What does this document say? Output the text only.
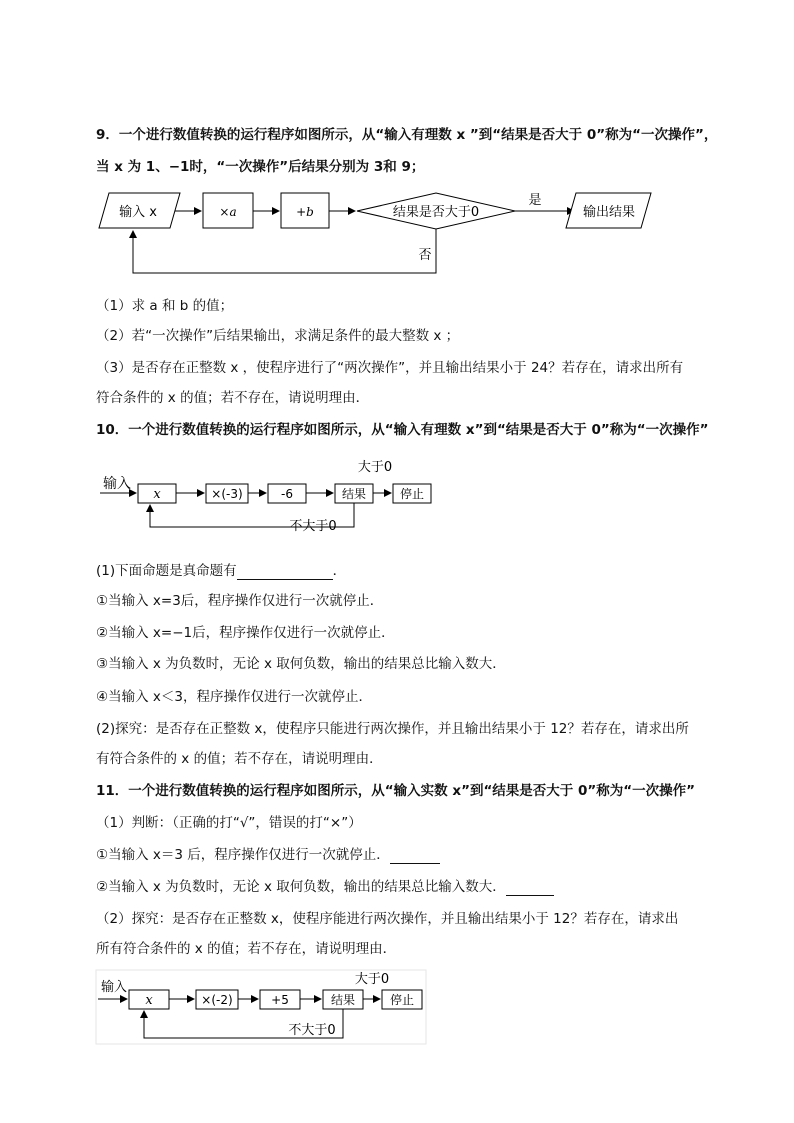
9．一个进行数值转换的运行程序如图所示，从“输入有理数 x ”到“结果是否大于 0”称为“一次操作”，
当 x 为 1、−1时，“一次操作”后结果分别为 3和 9；
输入 x	×a	+b	结果是否大于0
是
输出结果
否
（1）求 a 和 b 的值；
（2）若“一次操作”后结果输出，求满足条件的最大整数 x ；
（3）是否存在正整数 x ，使程序进行了“两次操作”，并且输出结果小于 24？若存在，请求出所有
符合条件的 x 的值；若不存在，请说明理由．
10．一个进行数值转换的运行程序如图所示，从“输入有理数 x”到“结果是否大于 0”称为“一次操作”
输入
x	×(-3)	-6	结果	停止
大于0
不大于0
(1)下面命题是真命题有	．
①当输入 x=3后，程序操作仅进行一次就停止．
②当输入 x=−1后，程序操作仅进行一次就停止．
③当输入 x 为负数时，无论 x 取何负数，输出的结果总比输入数大．
④当输入 x＜3，程序操作仅进行一次就停止．
(2)探究：是否存在正整数 x，使程序只能进行两次操作，并且输出结果小于 12？若存在，请求出所
有符合条件的 x 的值；若不存在，请说明理由．
11．一个进行数值转换的运行程序如图所示，从“输入实数 x”到“结果是否大于 0”称为“一次操作”
（1）判断：（正确的打“√”，错误的打“×”）
①当输入 x＝3 后，程序操作仅进行一次就停止．
②当输入 x 为负数时，无论 x 取何负数，输出的结果总比输入数大．
（2）探究：是否存在正整数 x，使程序能进行两次操作，并且输出结果小于 12？若存在，请求出
所有符合条件的 x 的值；若不存在，请说明理由．
输入
x	×(-2)	+5	结果	停止
大于0
不大于0
